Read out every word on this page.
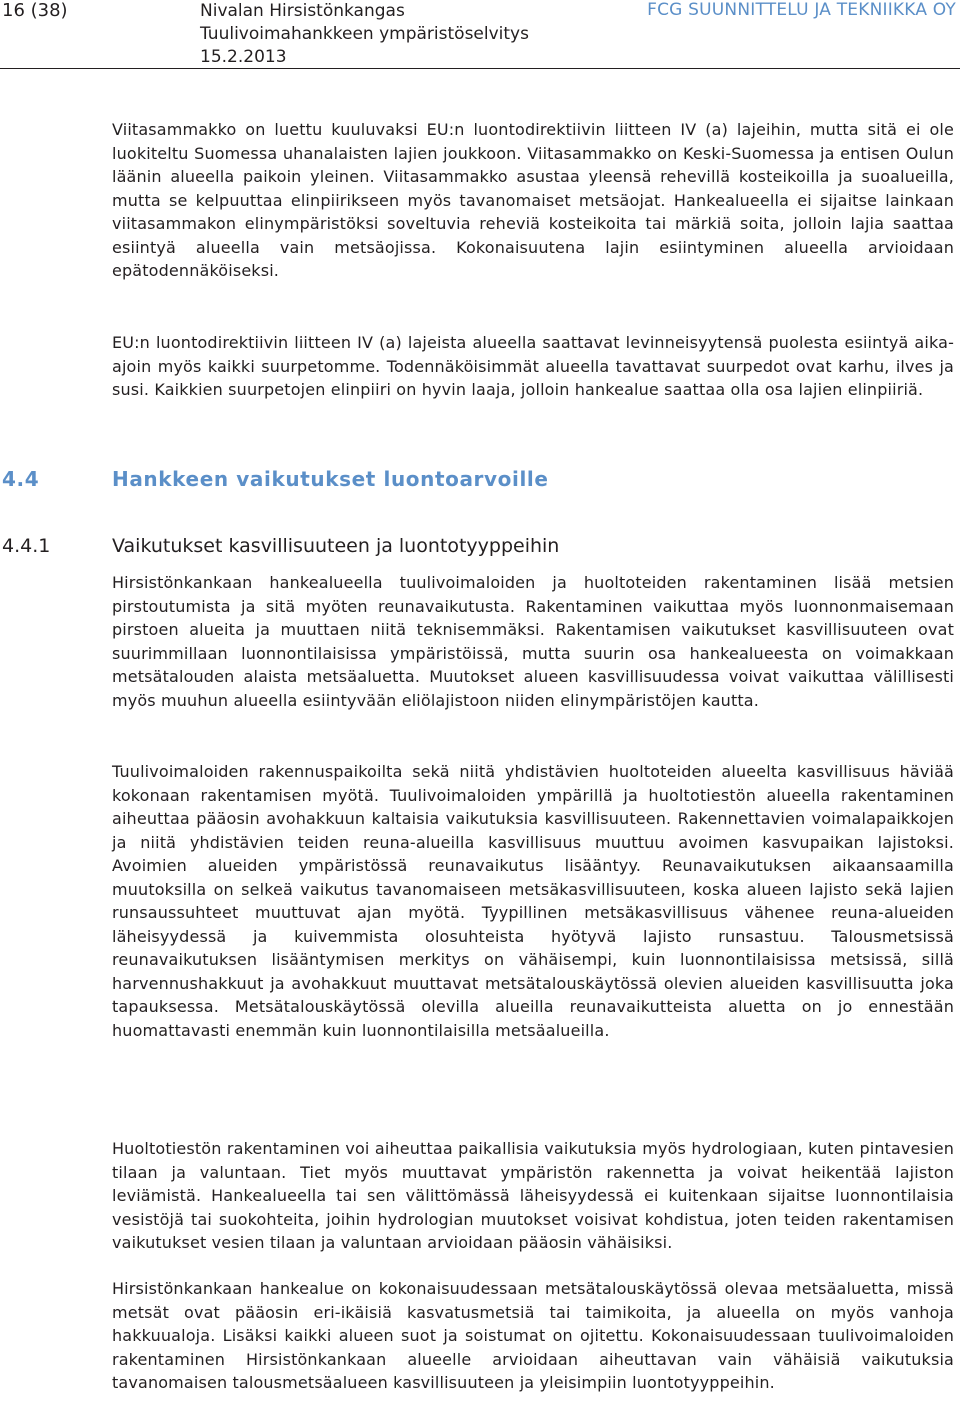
16 (38)	Nivalan Hirsistönkangas
Tuulivoimahankkeen ympäristöselvitys
15.2.2013
FCG SUUNNITTELU JA TEKNIIKKA OY

Viitasammakko on luettu kuuluvaksi EU:n luontodirektiivin liitteen IV (a) lajeihin, mutta sitä ei ole luokiteltu Suomessa uhanalaisten lajien joukkoon. Viitasammakko on Keski-Suomessa ja entisen Oulun läänin alueella paikoin yleinen. Viitasammakko asustaa yleensä rehevillä kosteikoilla ja suoalueilla, mutta se kelpuuttaa elinpiirikseen myös tavanomaiset metsäojat. Hankealueella ei sijaitse lainkaan viitasammakon elinympäristöksi soveltuvia reheviä kosteikoita tai märkiä soita, jolloin lajia saattaa esiintyä alueella vain metsäojissa. Kokonaisuutena lajin esiintyminen alueella arvioidaan epätodennäköiseksi.

EU:n luontodirektiivin liitteen IV (a) lajeista alueella saattavat levinneisyytensä puolesta esiintyä aika-ajoin myös kaikki suurpetomme. Todennäköisimmät alueella tavattavat suurpedot ovat karhu, ilves ja susi. Kaikkien suurpetojen elinpiiri on hyvin laaja, jolloin hankealue saattaa olla osa lajien elinpiiriä.

4.4	Hankkeen vaikutukset luontoarvoille
4.4.1	Vaikutukset kasvillisuuteen ja luontotyyppeihin

Hirsistönkankaan hankealueella tuulivoimaloiden ja huoltoteiden rakentaminen lisää metsien pirstoutumista ja sitä myöten reunavaikutusta. Rakentaminen vaikuttaa myös luonnonmaisemaan pirstoen alueita ja muuttaen niitä teknisemmäksi. Rakentamisen vaikutukset kasvillisuuteen ovat suurimmillaan luonnontilaisissa ympäristöissä, mutta suurin osa hankealueesta on voimakkaan metsätalouden alaista metsäaluetta. Muutokset alueen kasvillisuudessa voivat vaikuttaa välillisesti myös muuhun alueella esiintyvään eliölajistoon niiden elinympäristöjen kautta.

Tuulivoimaloiden rakennuspaikoilta sekä niitä yhdistävien huoltoteiden alueelta kasvillisuus häviää kokonaan rakentamisen myötä. Tuulivoimaloiden ympärillä ja huoltotiestön alueella rakentaminen aiheuttaa pääosin avohakkuun kaltaisia vaikutuksia kasvillisuuteen. Rakennettavien voimalapaikkojen ja niitä yhdistävien teiden reuna-alueilla kasvillisuus muuttuu avoimen kasvupaikan lajistoksi. Avoimien alueiden ympäristössä reunavaikutus lisääntyy. Reunavaikutuksen aikaansaamilla muutoksilla on selkeä vaikutus tavanomaiseen metsäkasvillisuuteen, koska alueen lajisto sekä lajien runsaussuhteet muuttuvat ajan myötä. Tyypillinen metsäkasvillisuus vähenee reuna-alueiden läheisyydessä ja kuivemmista olosuhteista hyötyvä lajisto runsastuu. Talousmetsissä reunavaikutuksen lisääntymisen merkitys on vähäisempi, kuin luonnontilaisissa metsissä, sillä harvennushakkuut ja avohakkuut muuttavat metsätalouskäytössä olevien alueiden kasvillisuutta joka tapauksessa. Metsätalouskäytössä olevilla alueilla reunavaikutteista aluetta on jo ennestään huomattavasti enemmän kuin luonnontilaisilla metsäalueilla.

Huoltotiestön rakentaminen voi aiheuttaa paikallisia vaikutuksia myös hydrologiaan, kuten pintavesien tilaan ja valuntaan. Tiet myös muuttavat ympäristön rakennetta ja voivat heikentää lajiston leviämistä. Hankealueella tai sen välittömässä läheisyydessä ei kuitenkaan sijaitse luonnontilaisia vesistöjä tai suokohteita, joihin hydrologian muutokset voisivat kohdistua, joten teiden rakentamisen vaikutukset vesien tilaan ja valuntaan arvioidaan pääosin vähäisiksi.

Hirsistönkankaan hankealue on kokonaisuudessaan metsätalouskäytössä olevaa metsäaluetta, missä metsät ovat pääosin eri-ikäisiä kasvatusmetsiä tai taimikoita, ja alueella on myös vanhoja hakkuualoja. Lisäksi kaikki alueen suot ja soistumat on ojitettu. Kokonaisuudessaan tuulivoimaloiden rakentaminen Hirsistönkankaan alueelle arvioidaan aiheuttavan vain vähäisiä vaikutuksia tavanomaisen talousmetsäalueen kasvillisuuteen ja yleisimpiin luontotyyppeihin.
